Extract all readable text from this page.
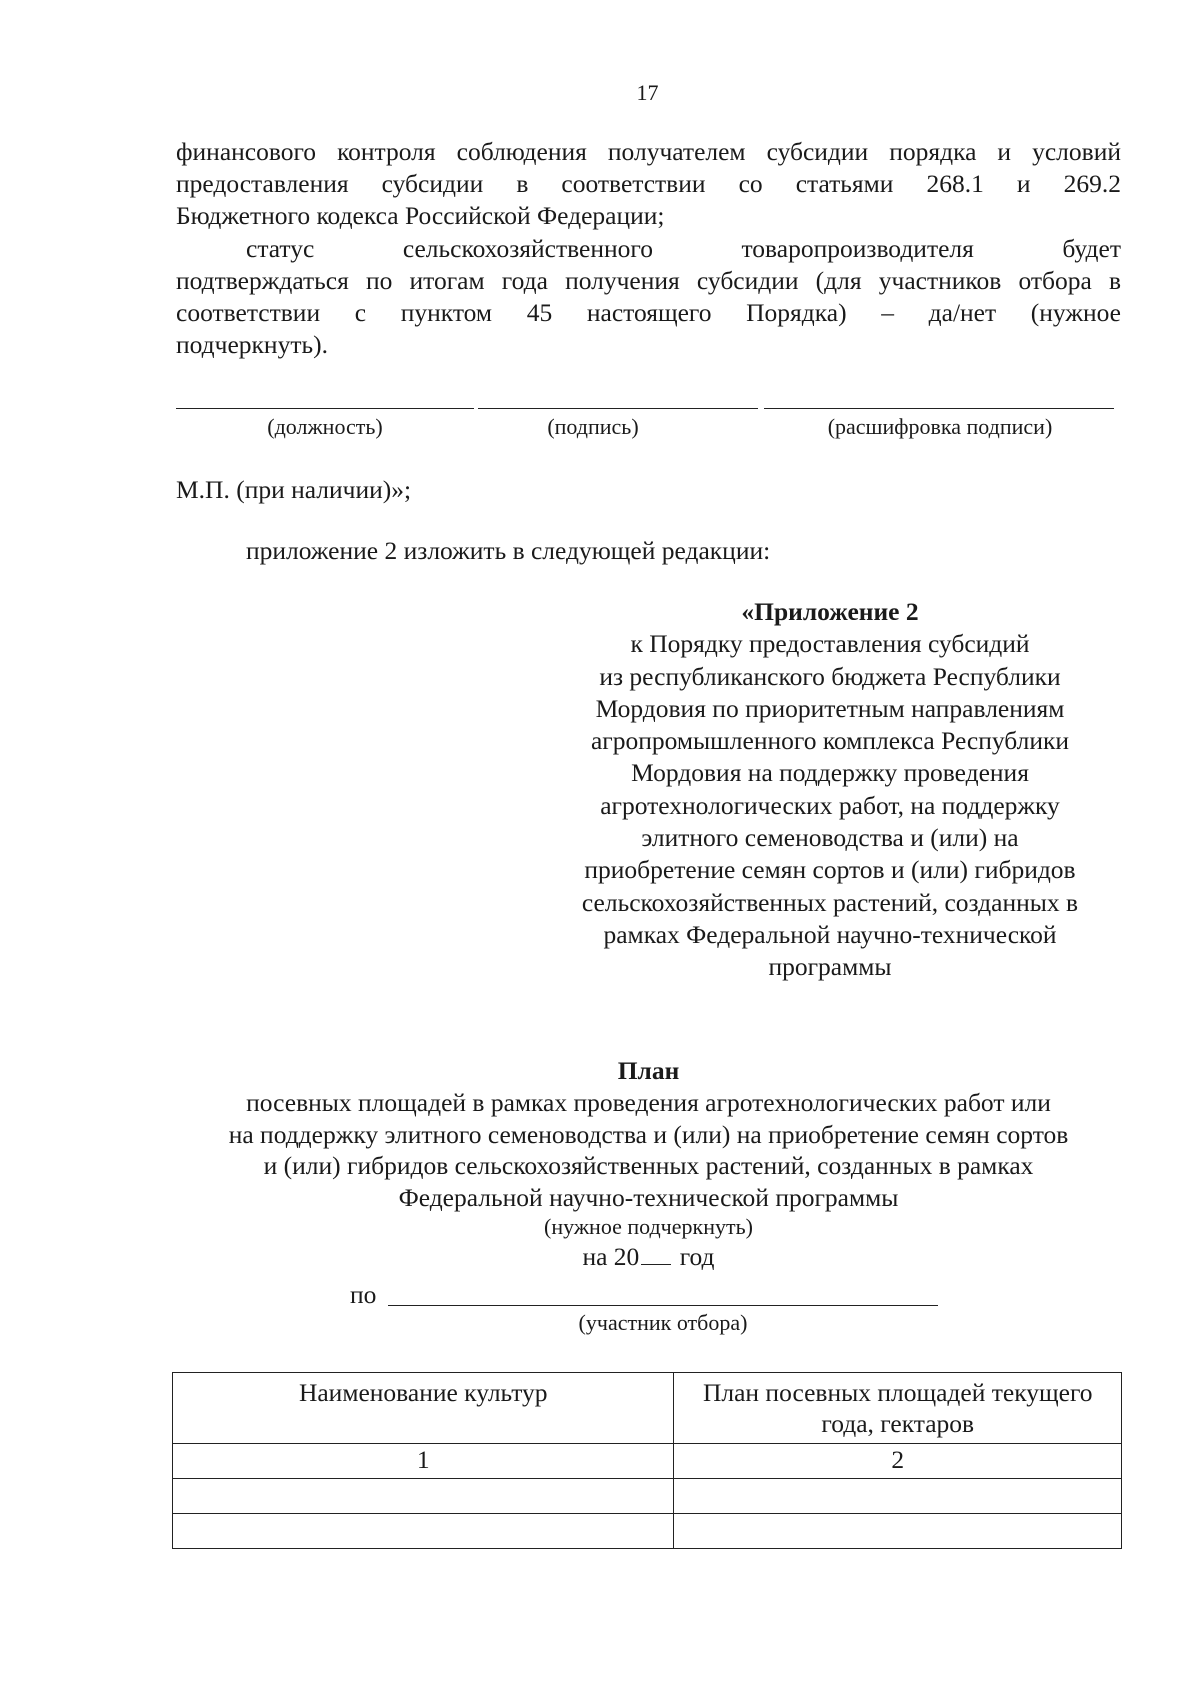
17
финансового контроля соблюдения получателем субсидии порядка и условий
предоставления субсидии в соответствии со статьями 268.1 и 269.2
Бюджетного кодекса Российской Федерации;
статус сельскохозяйственного товаропроизводителя будет
подтверждаться по итогам года получения субсидии (для участников отбора в
соответствии с пунктом 45 настоящего Порядка) – да/нет (нужное
подчеркнуть).
(должность)	(подпись)	(расшифровка подписи)
М.П. (при наличии)»;
приложение 2 изложить в следующей редакции:
«Приложение 2
к Порядку предоставления субсидий
из республиканского бюджета Республики
Мордовия по приоритетным направлениям
агропромышленного комплекса Республики
Мордовия на поддержку проведения
агротехнологических работ, на поддержку
элитного семеноводства и (или) на
приобретение семян сортов и (или) гибридов
сельскохозяйственных растений, созданных в
рамках Федеральной научно-технической
программы
План
посевных площадей в рамках проведения агротехнологических работ или
на поддержку элитного семеноводства и (или) на приобретение семян сортов
и (или) гибридов сельскохозяйственных растений, созданных в рамках
Федеральной научно-технической программы
(нужное подчеркнуть)
на 20 год
по
(участник отбора)
Наименование культур	План посевных площадей текущего года, гектаров
1	2
